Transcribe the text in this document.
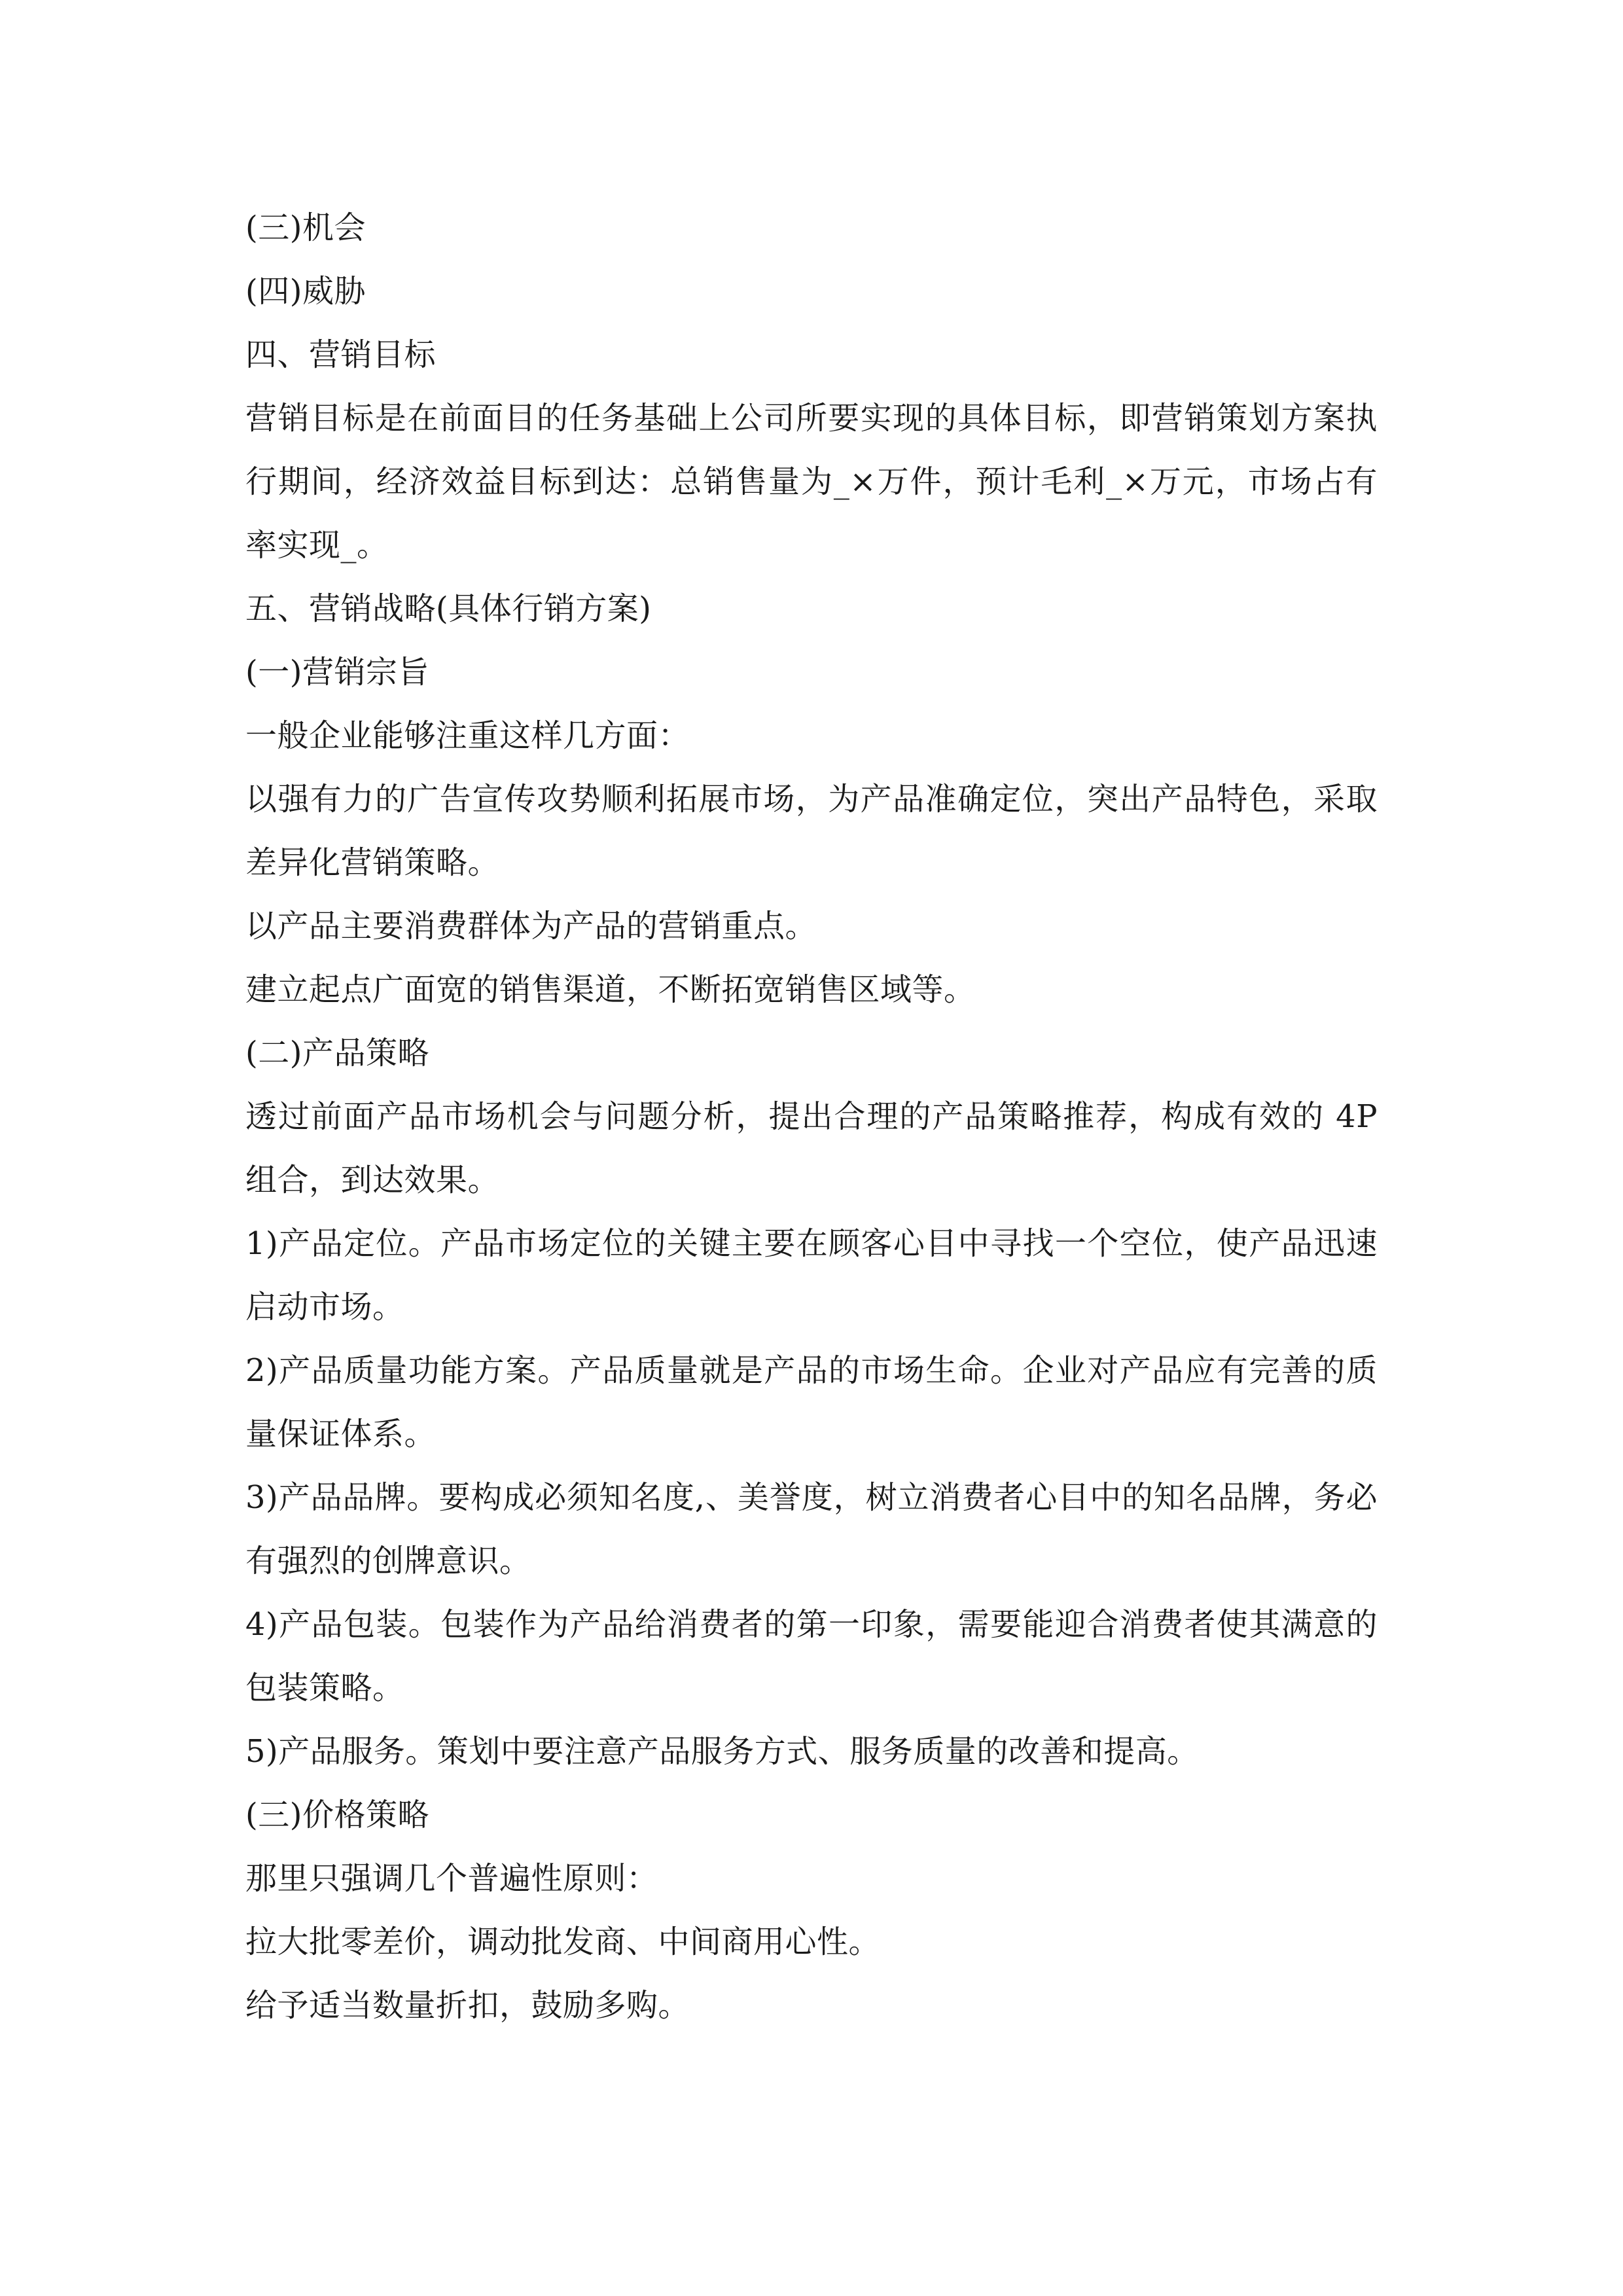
(三)机会

(四)威胁

四、营销目标

营销目标是在前面目的任务基础上公司所要实现的具体目标，即营销策划方案执行期间，经济效益目标到达：总销售量为_×万件，预计毛利_×万元，市场占有率实现_。

五、营销战略(具体行销方案)

(一)营销宗旨

一般企业能够注重这样几方面：

以强有力的广告宣传攻势顺利拓展市场，为产品准确定位，突出产品特色，采取差异化营销策略。

以产品主要消费群体为产品的营销重点。

建立起点广面宽的销售渠道，不断拓宽销售区域等。

(二)产品策略

透过前面产品市场机会与问题分析，提出合理的产品策略推荐，构成有效的 4P 组合，到达效果。

1)产品定位。产品市场定位的关键主要在顾客心目中寻找一个空位，使产品迅速启动市场。

2)产品质量功能方案。产品质量就是产品的市场生命。企业对产品应有完善的质量保证体系。

3)产品品牌。要构成必须知名度,、美誉度，树立消费者心目中的知名品牌，务必有强烈的创牌意识。

4)产品包装。包装作为产品给消费者的第一印象，需要能迎合消费者使其满意的包装策略。

5)产品服务。策划中要注意产品服务方式、服务质量的改善和提高。

(三)价格策略

那里只强调几个普遍性原则：

拉大批零差价，调动批发商、中间商用心性。

给予适当数量折扣，鼓励多购。
